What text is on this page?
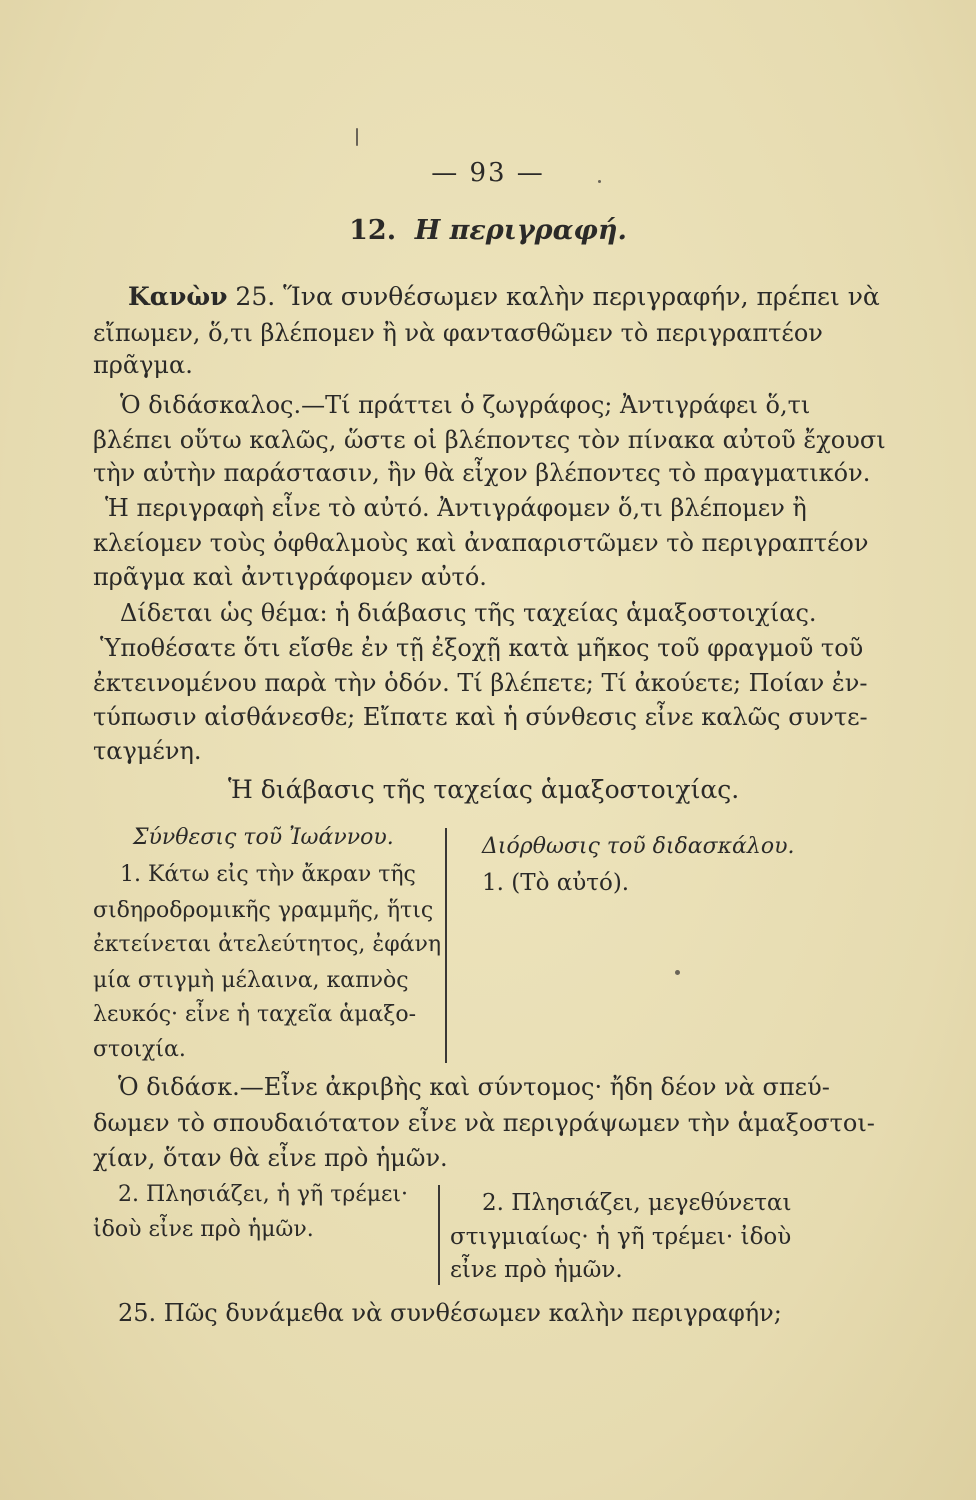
— 93 —
12. Η περιγραφή.
Κανὼν 25. Ἵνα συνθέσωμεν καλὴν περιγραφήν, πρέπει νὰ
εἴπωμεν, ὅ,τι βλέπομεν ἢ νὰ φαντασθῶμεν τὸ περιγραπτέον
πρᾶγμα.
Ὁ διδάσκαλος.—Τί πράττει ὁ ζωγράφος; Ἀντιγράφει ὅ,τι
βλέπει οὕτω καλῶς, ὥστε οἱ βλέποντες τὸν πίνακα αὐτοῦ ἔχουσι
τὴν αὐτὴν παράστασιν, ἣν θὰ εἶχον βλέποντες τὸ πραγματικόν.
Ἡ περιγραφὴ εἶνε τὸ αὐτό. Ἀντιγράφομεν ὅ,τι βλέπομεν ἢ
κλείομεν τοὺς ὀφθαλμοὺς καὶ ἀναπαριστῶμεν τὸ περιγραπτέον
πρᾶγμα καὶ ἀντιγράφομεν αὐτό.
Δίδεται ὡς θέμα: ἡ διάβασις τῆς ταχείας ἁμαξοστοιχίας.
Ὑποθέσατε ὅτι εἴσθε ἐν τῇ ἐξοχῇ κατὰ μῆκος τοῦ φραγμοῦ τοῦ
ἐκτεινομένου παρὰ τὴν ὁδόν. Τί βλέπετε; Τί ἀκούετε; Ποίαν ἐν-
τύπωσιν αἰσθάνεσθε; Εἴπατε καὶ ἡ σύνθεσις εἶνε καλῶς συντε-
ταγμένη.
Ἡ διάβασις τῆς ταχείας ἁμαξοστοιχίας.
Σύνθεσις τοῦ Ἰωάννου.	Διόρθωσις τοῦ διδασκάλου.
1. Κάτω εἰς τὴν ἄκραν τῆς
σιδηροδρομικῆς γραμμῆς, ἥτις
ἐκτείνεται ἀτελεύτητος, ἐφάνη
μία στιγμὴ μέλαινα, καπνὸς
λευκός· εἶνε ἡ ταχεῖα ἁμαξο-
στοιχία.
1. (Τὸ αὐτό).
Ὁ διδάσκ.—Εἶνε ἀκριβὴς καὶ σύντομος· ἤδη δέον νὰ σπεύ-
δωμεν τὸ σπουδαιότατον εἶνε νὰ περιγράψωμεν τὴν ἁμαξοστοι-
χίαν, ὅταν θὰ εἶνε πρὸ ἡμῶν.
2. Πλησιάζει, ἡ γῆ τρέμει·
ἰδοὺ εἶνε πρὸ ἡμῶν.
2. Πλησιάζει, μεγεθύνεται
στιγμιαίως· ἡ γῆ τρέμει· ἰδοὺ
εἶνε πρὸ ἡμῶν.
25. Πῶς δυνάμεθα νὰ συνθέσωμεν καλὴν περιγραφήν;
